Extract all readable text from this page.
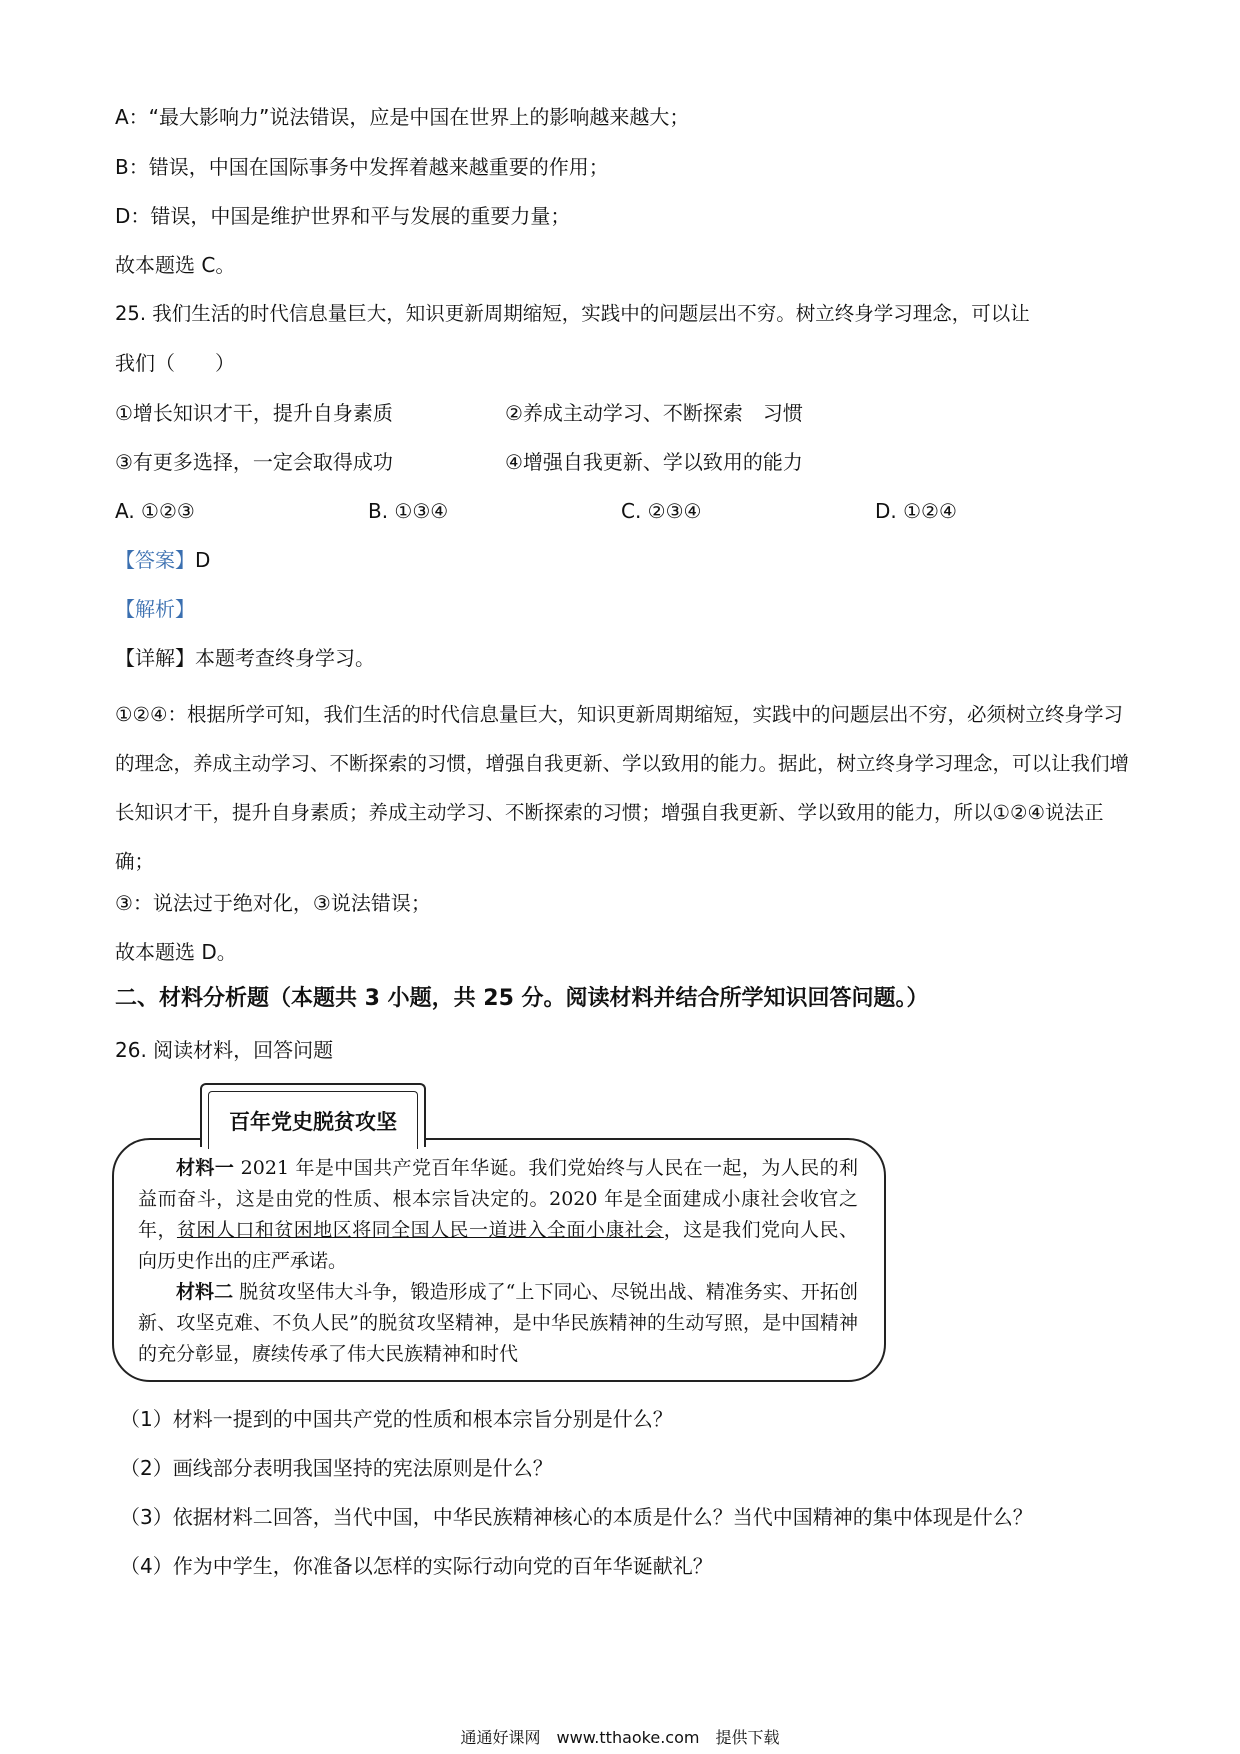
A：“最大影响力”说法错误，应是中国在世界上的影响越来越大；
B：错误，中国在国际事务中发挥着越来越重要的作用；
D：错误，中国是维护世界和平与发展的重要力量；
故本题选 C。
25. 我们生活的时代信息量巨大，知识更新周期缩短，实践中的问题层出不穷。树立终身学习理念，可以让
我们（　　）
①增长知识才干，提升自身素质	②养成主动学习、不断探索　习惯
③有更多选择，一定会取得成功	④增强自我更新、学以致用的能力
A. ①②③	B. ①③④	C. ②③④	D. ①②④
【答案】D
【解析】
【详解】本题考查终身学习。
①②④：根据所学可知，我们生活的时代信息量巨大，知识更新周期缩短，实践中的问题层出不穷，必须树立终身学习的理念，养成主动学习、不断探索的习惯，增强自我更新、学以致用的能力。据此，树立终身学习理念，可以让我们增长知识才干，提升自身素质；养成主动学习、不断探索的习惯；增强自我更新、学以致用的能力，所以①②④说法正确；
③：说法过于绝对化，③说法错误；
故本题选 D。
二、材料分析题（本题共 3 小题，共 25 分。阅读材料并结合所学知识回答问题。）
26. 阅读材料，回答问题
百年党史脱贫攻坚

材料一 2021 年是中国共产党百年华诞。我们党始终与人民在一起，为人民的利益而奋斗，这是由党的性质、根本宗旨决定的。2020 年是全面建成小康社会收官之年，贫困人口和贫困地区将同全国人民一道进入全面小康社会，这是我们党向人民、向历史作出的庄严承诺。

材料二 脱贫攻坚伟大斗争，锻造形成了“上下同心、尽锐出战、精准务实、开拓创新、攻坚克难、不负人民”的脱贫攻坚精神，是中华民族精神的生动写照，是中国精神的充分彰显，赓续传承了伟大民族精神和时代

（1）材料一提到的中国共产党的性质和根本宗旨分别是什么？
（2）画线部分表明我国坚持的宪法原则是什么？
（3）依据材料二回答，当代中国，中华民族精神核心的本质是什么？当代中国精神的集中体现是什么？
（4）作为中学生，你准备以怎样的实际行动向党的百年华诞献礼？
通通好课网　www.tthaoke.com　提供下载
